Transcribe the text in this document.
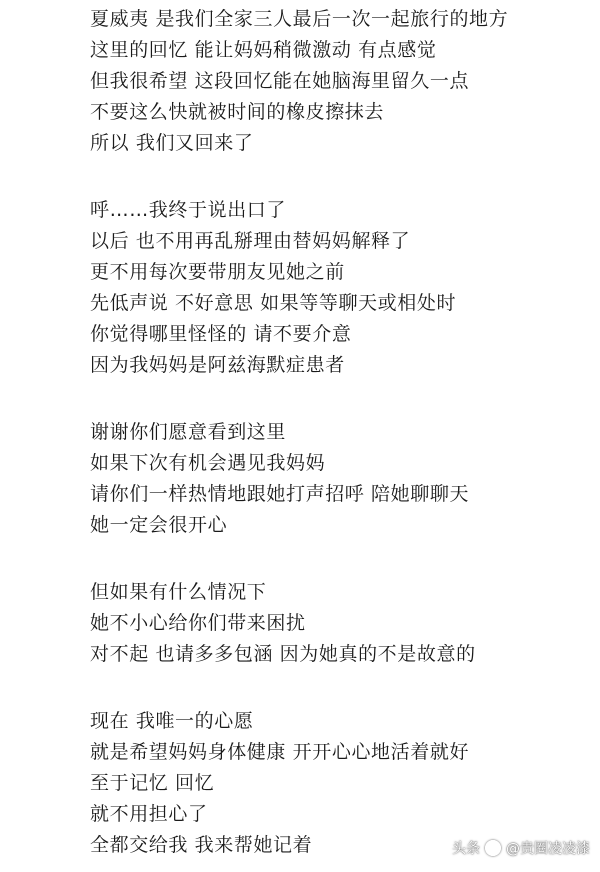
夏威夷 是我们全家三人最后一次一起旅行的地方
这里的回忆 能让妈妈稍微激动 有点感觉
但我很希望 这段回忆能在她脑海里留久一点
不要这么快就被时间的橡皮擦抹去
所以 我们又回来了
呼……我终于说出口了
以后 也不用再乱掰理由替妈妈解释了
更不用每次要带朋友见她之前
先低声说 不好意思 如果等等聊天或相处时
你觉得哪里怪怪的 请不要介意
因为我妈妈是阿兹海默症患者
谢谢你们愿意看到这里
如果下次有机会遇见我妈妈
请你们一样热情地跟她打声招呼 陪她聊聊天
她一定会很开心
但如果有什么情况下
她不小心给你们带来困扰
对不起 也请多多包涵 因为她真的不是故意的
现在 我唯一的心愿
就是希望妈妈身体健康 开开心心地活着就好
至于记忆 回忆
就不用担心了
全都交给我 我来帮她记着	头条 @贵圈凌凌漆
